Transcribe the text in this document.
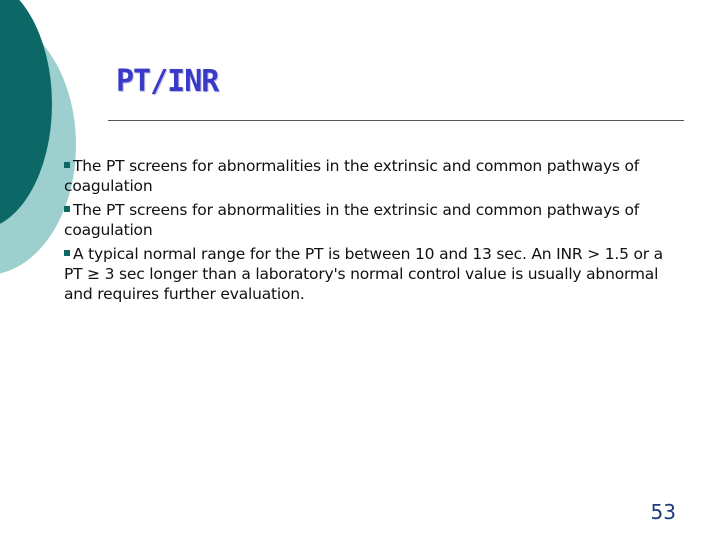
PT/INR

The PT screens for abnormalities in the extrinsic and common pathways of coagulation

The PT screens for abnormalities in the extrinsic and common pathways of coagulation

A typical normal range for the PT is between 10 and 13 sec. An INR > 1.5 or a PT ≥ 3 sec longer than a laboratory's normal control value is usually abnormal and requires further evaluation.

53
